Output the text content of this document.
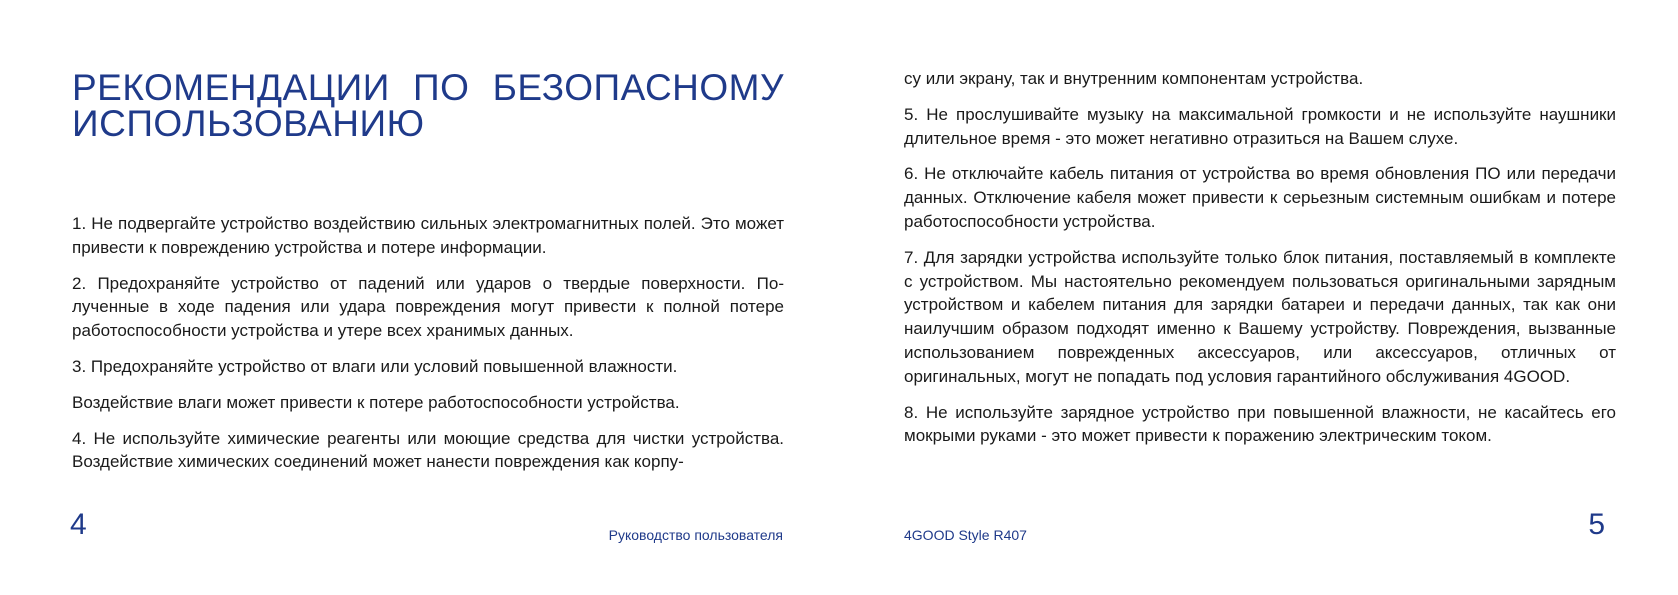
РЕКОМЕНДАЦИИ ПО БЕЗОПАСНОМУ ИСПОЛЬЗОВАНИЮ

1. Не подвергайте устройство воздействию сильных электромагнитных полей. Это может привести к повреждению устройства и потере информации.

2. Предохраняйте устройство от падений или ударов о твердые поверхности. Полученные в ходе падения или удара повреждения могут привести к полной потере работоспособности устройства и утере всех хранимых данных.

3. Предохраняйте устройство от влаги или условий повышенной влажности.

Воздействие влаги может привести к потере работоспособности устройства.

4. Не используйте химические реагенты или моющие средства для чистки устройства. Воздействие химических соединений может нанести повреждения как корпу-

4	Руководство пользователя

су или экрану, так и внутренним компонентам устройства.

5. Не прослушивайте музыку на максимальной громкости и не используйте наушники длительное время - это может негативно отразиться на Вашем слухе.

6. Не отключайте кабель питания от устройства во время обновления ПО или передачи данных. Отключение кабеля может привести к серьезным системным ошибкам и потере работоспособности устройства.

7. Для зарядки устройства используйте только блок питания, поставляемый в комплекте с устройством. Мы настоятельно рекомендуем пользоваться оригинальными зарядным устройством и кабелем питания для зарядки батареи и передачи данных, так как они наилучшим образом подходят именно к Вашему устройству. Повреждения, вызванные использованием поврежденных аксессуаров, или аксессуаров, отличных от оригинальных, могут не попадать под условия гарантийного обслуживания 4GOOD.

8. Не используйте зарядное устройство при повышенной влажности, не касайтесь его мокрыми руками - это может привести к поражению электрическим током.

4GOOD Style R407	5
